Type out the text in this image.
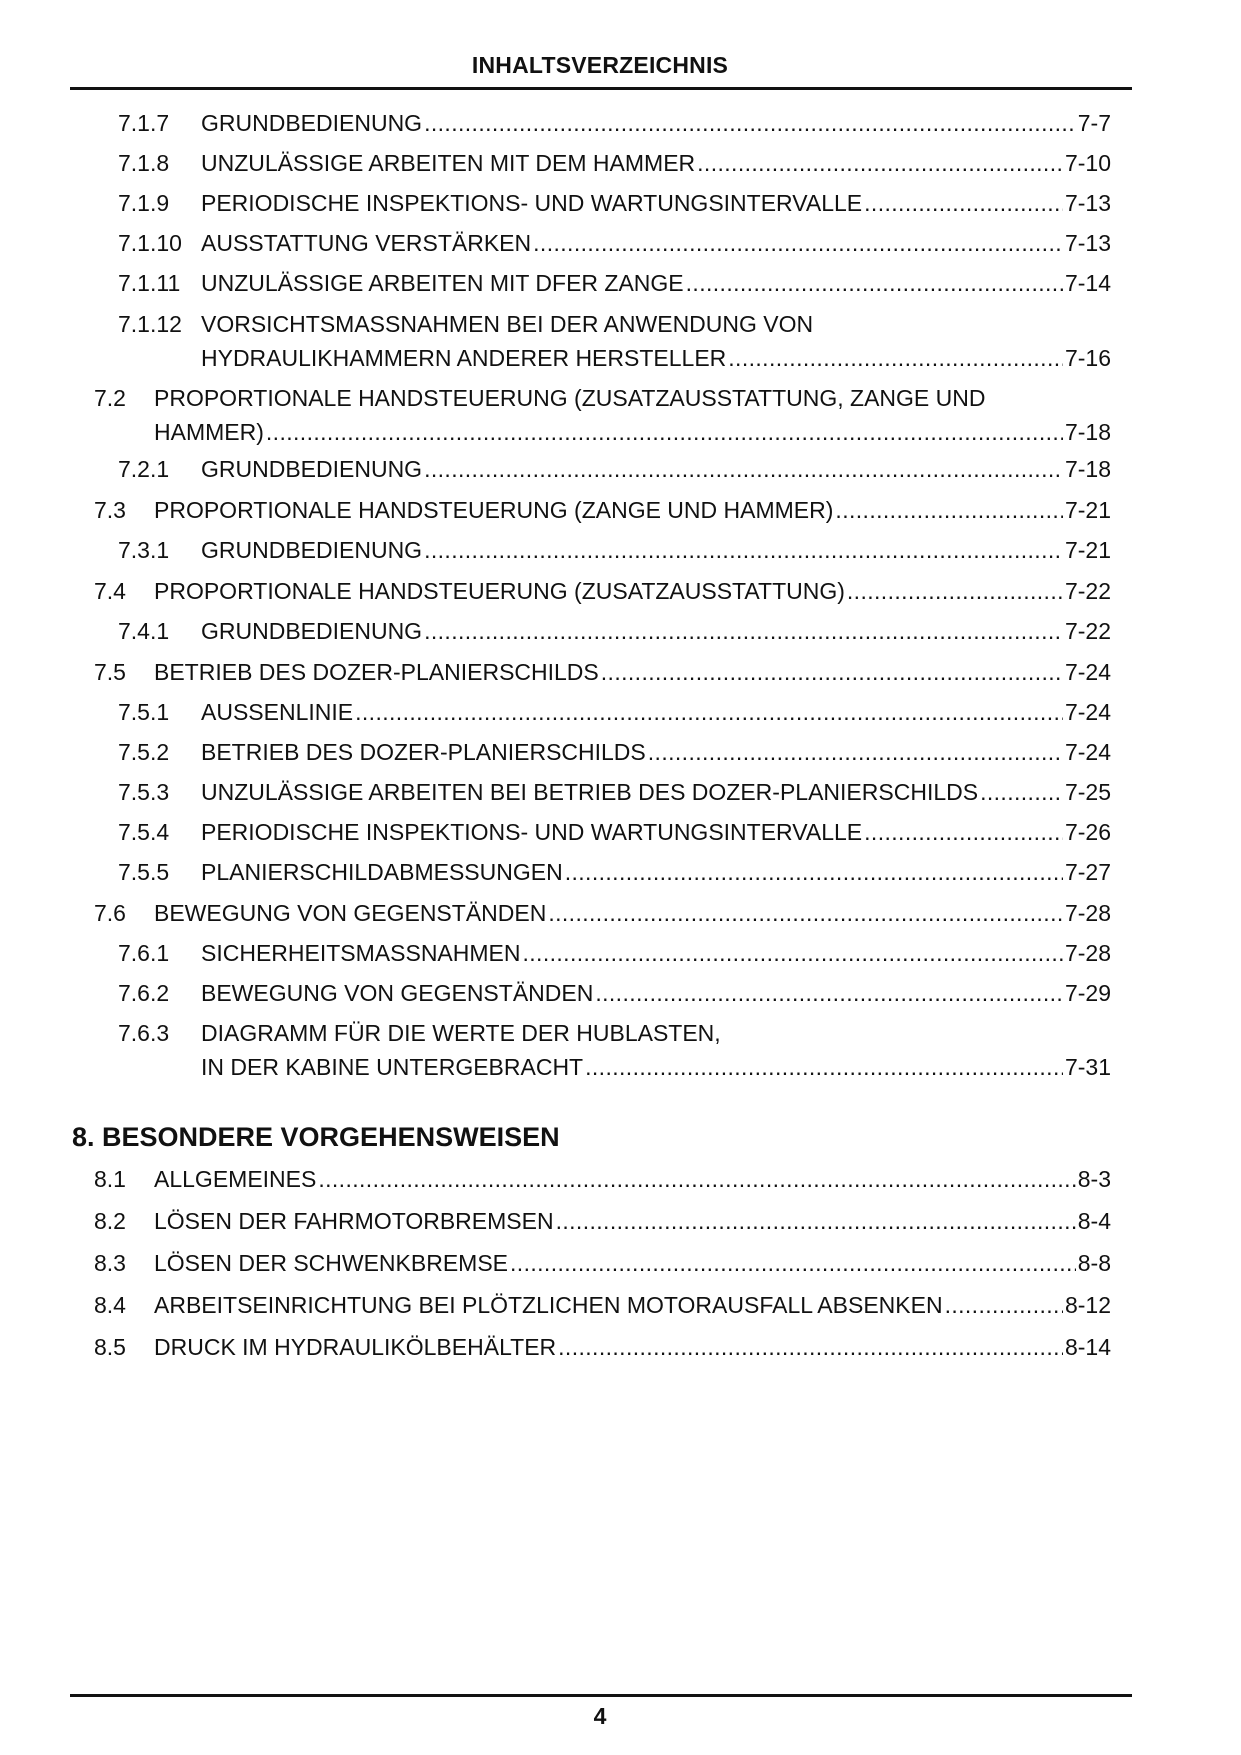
INHALTSVERZEICHNIS
7.1.7 GRUNDBEDIENUNG . . .	7-7
7.1.8 UNZULÄSSIGE ARBEITEN MIT DEM HAMMER . . .	7-10
7.1.9 PERIODISCHE INSPEKTIONS- UND WARTUNGSINTERVALLE . . .	7-13
7.1.10 AUSSTATTUNG VERSTÄRKEN . . .	7-13
7.1.11 UNZULÄSSIGE ARBEITEN MIT DFER ZANGE . . .	7-14
7.1.12 VORSICHTSMASSNAHMEN BEI DER ANWENDUNG VON
HYDRAULIKHAMMERN ANDERER HERSTELLER . . .	7-16
7.2 PROPORTIONALE HANDSTEUERUNG (ZUSATZAUSSTATTUNG, ZANGE UND
HAMMER) . . .	7-18
7.2.1 GRUNDBEDIENUNG . . .	7-18
7.3 PROPORTIONALE HANDSTEUERUNG (ZANGE UND HAMMER) . . .	7-21
7.3.1 GRUNDBEDIENUNG . . .	7-21
7.4 PROPORTIONALE HANDSTEUERUNG (ZUSATZAUSSTATTUNG) . . .	7-22
7.4.1 GRUNDBEDIENUNG . . .	7-22
7.5 BETRIEB DES DOZER-PLANIERSCHILDS . . .	7-24
7.5.1 AUSSENLINIE . . .	7-24
7.5.2 BETRIEB DES DOZER-PLANIERSCHILDS . . .	7-24
7.5.3 UNZULÄSSIGE ARBEITEN BEI BETRIEB DES DOZER-PLANIERSCHILDS . . .	7-25
7.5.4 PERIODISCHE INSPEKTIONS- UND WARTUNGSINTERVALLE . . .	7-26
7.5.5 PLANIERSCHILDABMESSUNGEN . . .	7-27
7.6 BEWEGUNG VON GEGENSTÄNDEN . . .	7-28
7.6.1 SICHERHEITSMASSNAHMEN . . .	7-28
7.6.2 BEWEGUNG VON GEGENSTÄNDEN . . .	7-29
7.6.3 DIAGRAMM FÜR DIE WERTE DER HUBLASTEN,
IN DER KABINE UNTERGEBRACHT . . .	7-31
8.1 ALLGEMEINES . . .	8-3
8.2 LÖSEN DER FAHRMOTORBREMSEN . . .	8-4
8.3 LÖSEN DER SCHWENKBREMSE . . .	8-8
8.4 ARBEITSEINRICHTUNG BEI PLÖTZLICHEN MOTORAUSFALL ABSENKEN . . .	8-12
8.5 DRUCK IM HYDRAULIKÖLBEHÄLTER . . .	8-14
8. BESONDERE VORGEHENSWEISEN
4
